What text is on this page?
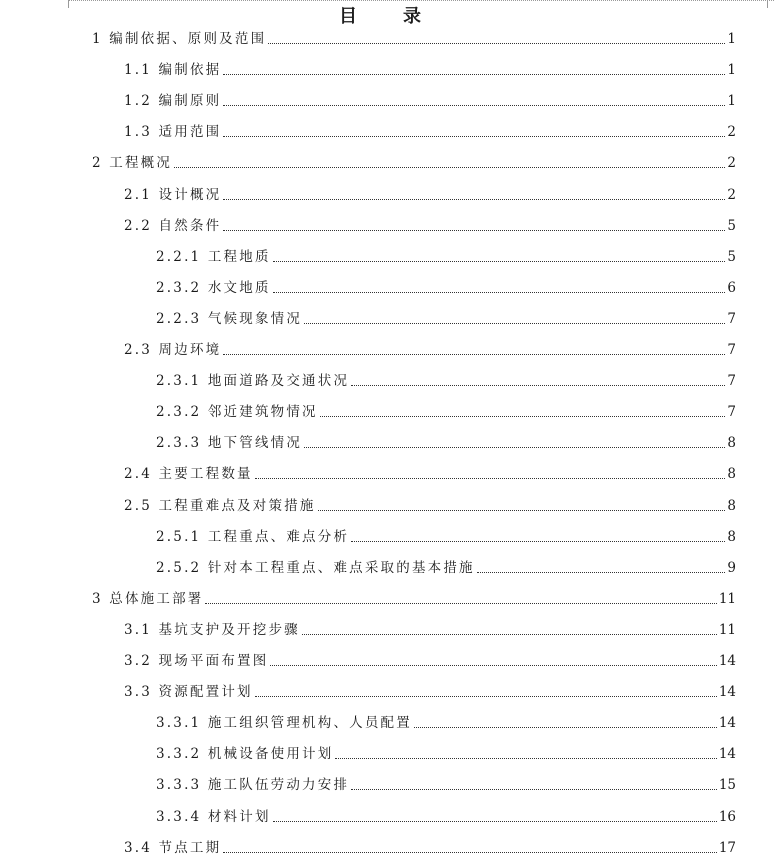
目　录
1 编制依据、原则及范围	1
1.1 编制依据	1
1.2 编制原则	1
1.3 适用范围	2
2 工程概况	2
2.1 设计概况	2
2.2 自然条件	5
2.2.1 工程地质	5
2.3.2 水文地质	6
2.2.3 气候现象情况	7
2.3 周边环境	7
2.3.1 地面道路及交通状况	7
2.3.2 邻近建筑物情况	7
2.3.3 地下管线情况	8
2.4 主要工程数量	8
2.5 工程重难点及对策措施	8
2.5.1 工程重点、难点分析	8
2.5.2 针对本工程重点、难点采取的基本措施	9
3 总体施工部署	11
3.1 基坑支护及开挖步骤	11
3.2 现场平面布置图	14
3.3 资源配置计划	14
3.3.1 施工组织管理机构、人员配置	14
3.3.2 机械设备使用计划	14
3.3.3 施工队伍劳动力安排	15
3.3.4 材料计划	16
3.4 节点工期	17
